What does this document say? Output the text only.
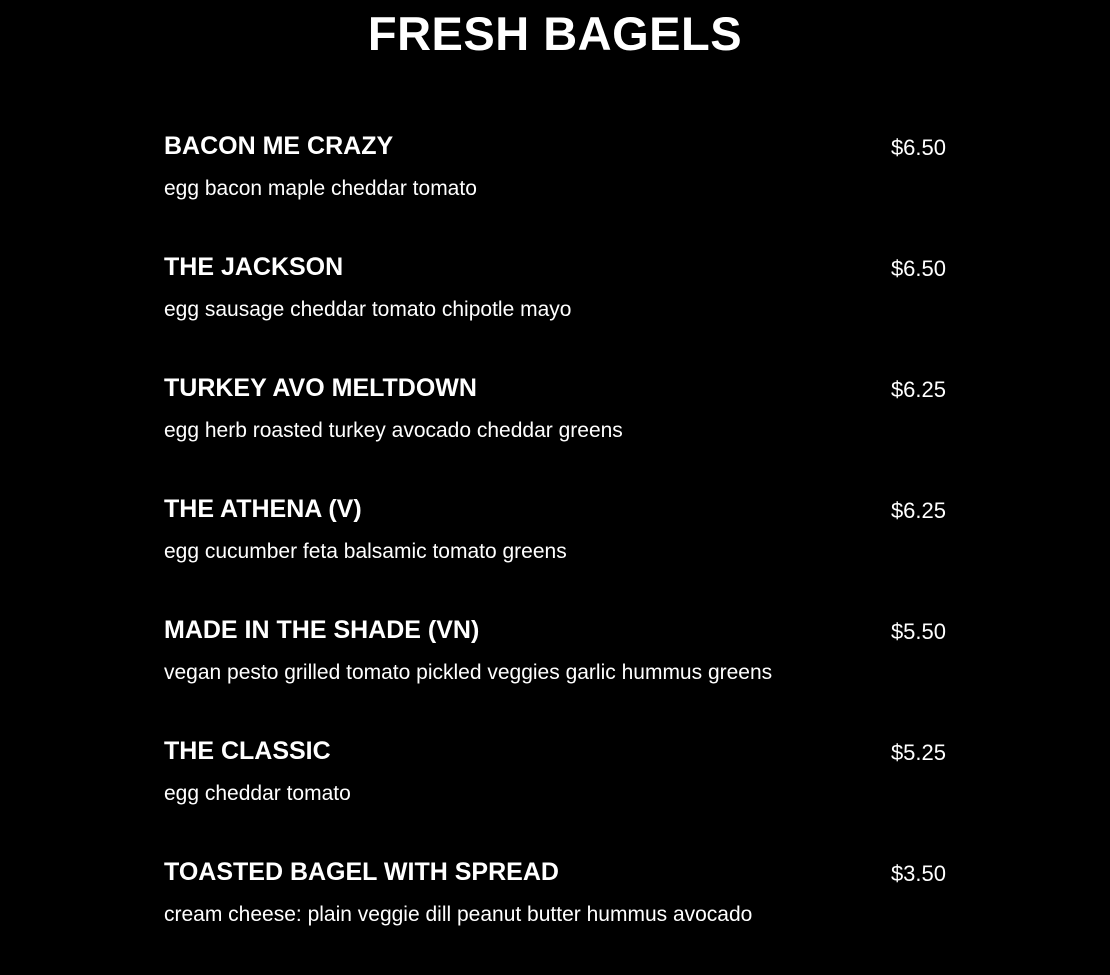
FRESH BAGELS
BACON ME CRAZY	$6.50
egg bacon maple cheddar tomato
THE JACKSON	$6.50
egg sausage cheddar tomato chipotle mayo
TURKEY AVO MELTDOWN	$6.25
egg herb roasted turkey avocado cheddar greens
THE ATHENA (V)	$6.25
egg cucumber feta balsamic tomato greens
MADE IN THE SHADE (VN)	$5.50
vegan pesto grilled tomato pickled veggies garlic hummus greens
THE CLASSIC	$5.25
egg cheddar tomato
TOASTED BAGEL WITH SPREAD	$3.50
cream cheese: plain veggie dill peanut butter hummus avocado
